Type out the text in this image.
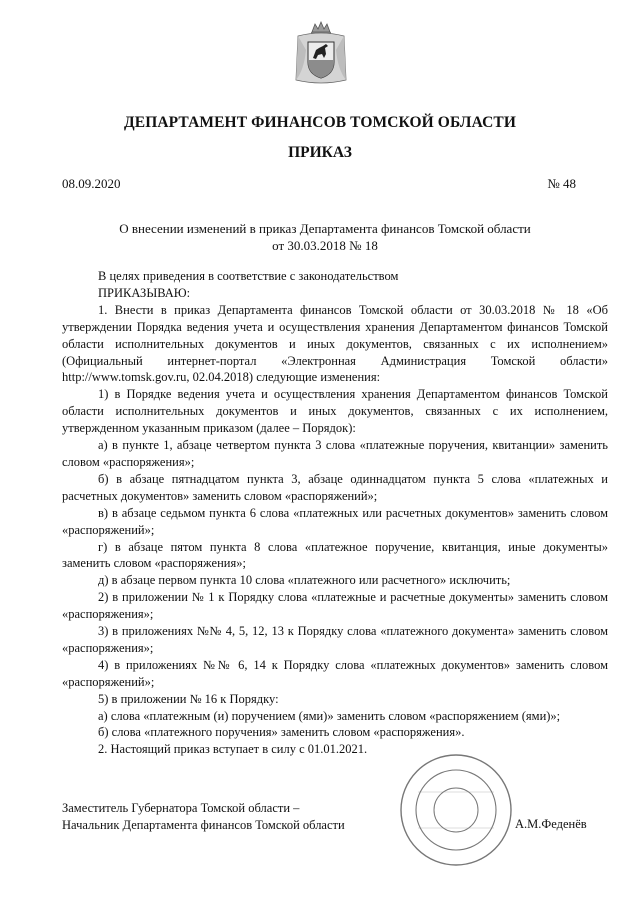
ДЕПАРТАМЕНТ ФИНАНСОВ ТОМСКОЙ ОБЛАСТИ
ПРИКАЗ
08.09.2020	№ 48
О внесении изменений в приказ Департамента финансов Томской области
от 30.03.2018 № 18

В целях приведения в соответствие с законодательством

ПРИКАЗЫВАЮ:

1. Внести в приказ Департамента финансов Томской области от 30.03.2018 № 18 «Об утверждении Порядка ведения учета и осуществления хранения Департаментом финансов Томской области исполнительных документов и иных документов, связанных с их исполнением» (Официальный интернет-портал «Электронная Администрация Томской области» http://www.tomsk.gov.ru, 02.04.2018) следующие изменения:

1) в Порядке ведения учета и осуществления хранения Департаментом финансов Томской области исполнительных документов и иных документов, связанных с их исполнением, утвержденном указанным приказом (далее – Порядок):

а) в пункте 1, абзаце четвертом пункта 3 слова «платежные поручения, квитанции» заменить словом «распоряжения»;

б) в абзаце пятнадцатом пункта 3, абзаце одиннадцатом пункта 5 слова «платежных и расчетных документов» заменить словом «распоряжений»;

в) в абзаце седьмом пункта 6 слова «платежных или расчетных документов» заменить словом «распоряжений»;

г) в абзаце пятом пункта 8 слова «платежное поручение, квитанция, иные документы» заменить словом «распоряжения»;

д) в абзаце первом пункта 10 слова «платежного или расчетного» исключить;

2) в приложении № 1 к Порядку слова «платежные и расчетные документы» заменить словом «распоряжения»;

3) в приложениях №№ 4, 5, 12, 13 к Порядку слова «платежного документа» заменить словом «распоряжения»;

4) в приложениях №№ 6, 14 к Порядку слова «платежных документов» заменить словом «распоряжений»;

5) в приложении № 16 к Порядку:

а) слова «платежным (и) поручением (ями)» заменить словом «распоряжением (ями)»;

б) слова «платежного поручения» заменить словом «распоряжения».

2. Настоящий приказ вступает в силу с 01.01.2021.

Заместитель Губернатора Томской области –
Начальник Департамента финансов Томской области	А.М.Феденёв
